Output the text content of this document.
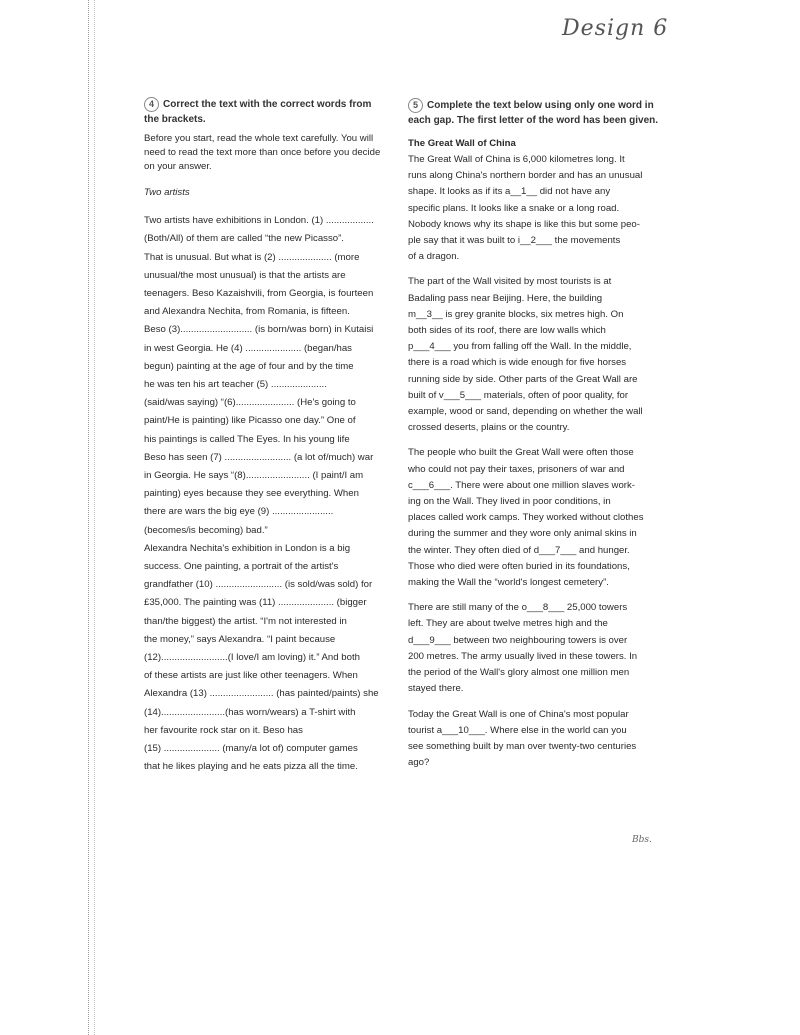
Design 6

4 Correct the text with the correct words from the brackets.

Before you start, read the whole text carefully. You will need to read the text more than once before you decide on your answer.

Two artists

Two artists have exhibitions in London. (1) ..................

(Both/All) of them are called “the new Picasso”.

That is unusual. But what is (2) .................... (more

unusual/the most unusual) is that the artists are

teenagers. Beso Kazaishvili, from Georgia, is fourteen

and Alexandra Nechita, from Romania, is fifteen.

Beso (3)........................... (is born/was born) in Kutaisi

in west Georgia. He (4) ..................... (began/has

begun) painting at the age of four and by the time

he was ten his art teacher (5) .....................

(said/was saying) “(6)...................... (He's going to

paint/He is painting) like Picasso one day.” One of

his paintings is called The Eyes. In his young life

Beso has seen (7) ......................... (a lot of/much) war

in Georgia. He says “(8)........................ (I paint/I am

painting) eyes because they see everything. When

there are wars the big eye (9) .......................

(becomes/is becoming) bad.”

Alexandra Nechita's exhibition in London is a big

success. One painting, a portrait of the artist's

grandfather (10) ......................... (is sold/was sold) for

£35,000. The painting was (11) ..................... (bigger

than/the biggest) the artist. “I'm not interested in

the money,” says Alexandra. “I paint because

(12).........................(I love/I am loving) it.” And both

of these artists are just like other teenagers. When

Alexandra (13) ........................ (has painted/paints) she

(14)........................(has worn/wears) a T-shirt with

her favourite rock star on it. Beso has

(15) ..................... (many/a lot of) computer games

that he likes playing and he eats pizza all the time.

5 Complete the text below using only one word in each gap. The first letter of the word has been given.

The Great Wall of China

The Great Wall of China is 6,000 kilometres long. It

runs along China's northern border and has an unusual

shape. It looks as if its a__1__ did not have any

specific plans. It looks like a snake or a long road.

Nobody knows why its shape is like this but some peo-

ple say that it was built to i__2___ the movements

of a dragon.

The part of the Wall visited by most tourists is at

Badaling pass near Beijing. Here, the building

m__3__ is grey granite blocks, six metres high. On

both sides of its roof, there are low walls which

p___4___ you from falling off the Wall. In the middle,

there is a road which is wide enough for five horses

running side by side. Other parts of the Great Wall are

built of v___5___ materials, often of poor quality, for

example, wood or sand, depending on whether the wall

crossed deserts, plains or the country.

The people who built the Great Wall were often those

who could not pay their taxes, prisoners of war and

c___6___. There were about one million slaves work-

ing on the Wall. They lived in poor conditions, in

places called work camps. They worked without clothes

during the summer and they wore only animal skins in

the winter. They often died of d___7___ and hunger.

Those who died were often buried in its foundations,

making the Wall the “world's longest cemetery”.

There are still many of the o___8___ 25,000 towers

left. They are about twelve metres high and the

d___9___ between two neighbouring towers is over

200 metres. The army usually lived in these towers. In

the period of the Wall's glory almost one million men

stayed there.

Today the Great Wall is one of China's most popular

tourist a___10___. Where else in the world can you

see something built by man over twenty-two centuries

ago?

Bbs.
